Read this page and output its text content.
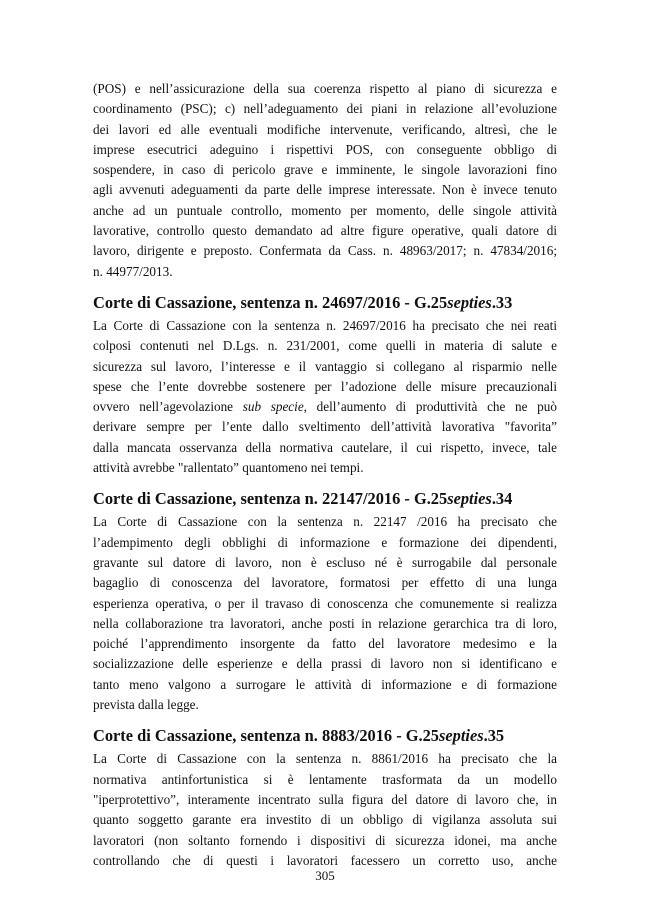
(POS) e nell’assicurazione della sua coerenza rispetto al piano di sicurezza e
coordinamento (PSC); c) nell’adeguamento dei piani in relazione all’evoluzione
dei lavori ed alle eventuali modifiche intervenute, verificando, altresì, che le
imprese esecutrici adeguino i rispettivi POS, con conseguente obbligo di
sospendere, in caso di pericolo grave e imminente, le singole lavorazioni fino
agli avvenuti adeguamenti da parte delle imprese interessate. Non è invece tenuto
anche ad un puntuale controllo, momento per momento, delle singole attività
lavorative, controllo questo demandato ad altre figure operative, quali datore di
lavoro, dirigente e preposto. Confermata da Cass. n. 48963/2017; n. 47834/2016;
n. 44977/2013.
Corte di Cassazione, sentenza n. 24697/2016 - G.25septies.33
La Corte di Cassazione con la sentenza n. 24697/2016 ha precisato che nei reati
colposi contenuti nel D.Lgs. n. 231/2001, come quelli in materia di salute e
sicurezza sul lavoro, l’interesse e il vantaggio si collegano al risparmio nelle
spese che l’ente dovrebbe sostenere per l’adozione delle misure precauzionali
ovvero nell’agevolazione sub specie, dell’aumento di produttività che ne può
derivare sempre per l’ente dallo sveltimento dell’attività lavorativa "favorita”
dalla mancata osservanza della normativa cautelare, il cui rispetto, invece, tale
attività avrebbe "rallentato” quantomeno nei tempi.
Corte di Cassazione, sentenza n. 22147/2016 - G.25septies.34
La Corte di Cassazione con la sentenza n. 22147 /2016 ha precisato che
l’adempimento degli obblighi di informazione e formazione dei dipendenti,
gravante sul datore di lavoro, non è escluso né è surrogabile dal personale
bagaglio di conoscenza del lavoratore, formatosi per effetto di una lunga
esperienza operativa, o per il travaso di conoscenza che comunemente si realizza
nella collaborazione tra lavoratori, anche posti in relazione gerarchica tra di loro,
poiché l’apprendimento insorgente da fatto del lavoratore medesimo e la
socializzazione delle esperienze e della prassi di lavoro non si identificano e
tanto meno valgono a surrogare le attività di informazione e di formazione
prevista dalla legge.
Corte di Cassazione, sentenza n. 8883/2016 - G.25septies.35
La Corte di Cassazione con la sentenza n. 8861/2016 ha precisato che la
normativa antinfortunistica si è lentamente trasformata da un modello
"iperprotettivo”, interamente incentrato sulla figura del datore di lavoro che, in
quanto soggetto garante era investito di un obbligo di vigilanza assoluta sui
lavoratori (non soltanto fornendo i dispositivi di sicurezza idonei, ma anche
controllando che di questi i lavoratori facessero un corretto uso, anche
305
